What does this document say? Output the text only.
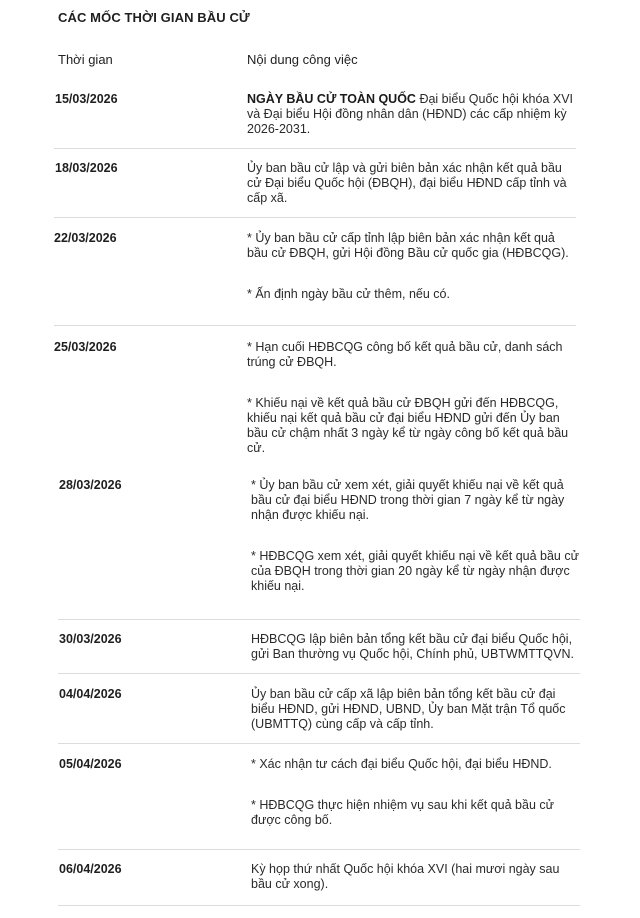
CÁC MỐC THỜI GIAN BẦU CỬ
Thời gian	Nội dung công việc
15/03/2026	NGÀY BẦU CỬ TOÀN QUỐC Đại biểu Quốc hội khóa XVI và Đại biểu Hội đồng nhân dân (HĐND) các cấp nhiệm kỳ 2026-2031.

18/03/2026	Ủy ban bầu cử lập và gửi biên bản xác nhận kết quả bầu cử Đại biểu Quốc hội (ĐBQH), đại biểu HĐND cấp tỉnh và cấp xã.

22/03/2026	* Ủy ban bầu cử cấp tỉnh lập biên bản xác nhận kết quả bầu cử ĐBQH, gửi Hội đồng Bầu cử quốc gia (HĐBCQG).

* Ấn định ngày bầu cử thêm, nếu có.

25/03/2026	* Hạn cuối HĐBCQG công bố kết quả bầu cử, danh sách trúng cử ĐBQH.

* Khiếu nại về kết quả bầu cử ĐBQH gửi đến HĐBCQG, khiếu nại kết quả bầu cử đại biểu HĐND gửi đến Ủy ban bầu cử chậm nhất 3 ngày kể từ ngày công bố kết quả bầu cử.

28/03/2026	* Ủy ban bầu cử xem xét, giải quyết khiếu nại về kết quả bầu cử đại biểu HĐND trong thời gian 7 ngày kể từ ngày nhận được khiếu nại.

* HĐBCQG xem xét, giải quyết khiếu nại về kết quả bầu cử của ĐBQH trong thời gian 20 ngày kể từ ngày nhận được khiếu nại.

30/03/2026	HĐBCQG lập biên bản tổng kết bầu cử đại biểu Quốc hội, gửi Ban thường vụ Quốc hội, Chính phủ, UBTWMTTQVN.

04/04/2026	Ủy ban bầu cử cấp xã lập biên bản tổng kết bầu cử đại biểu HĐND, gửi HĐND, UBND, Ủy ban Mặt trận Tổ quốc (UBMTTQ) cùng cấp và cấp tỉnh.

05/04/2026	* Xác nhận tư cách đại biểu Quốc hội, đại biểu HĐND.

* HĐBCQG thực hiện nhiệm vụ sau khi kết quả bầu cử được công bố.

06/04/2026	Kỳ họp thứ nhất Quốc hội khóa XVI (hai mươi ngày sau bầu cử xong).
